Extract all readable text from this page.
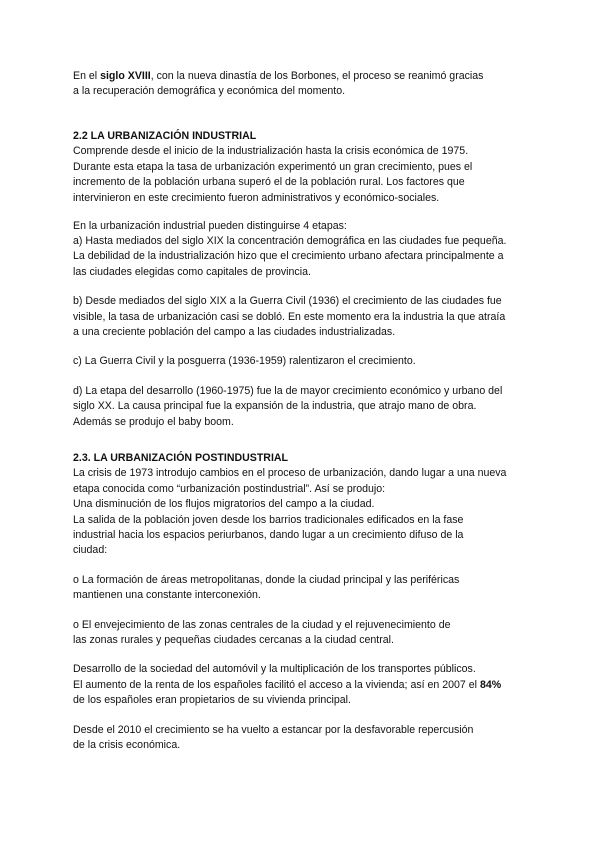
En el siglo XVIII, con la nueva dinastía de los Borbones, el proceso se reanimó gracias
a la recuperación demográfica y económica del momento.
2.2 LA URBANIZACIÓN INDUSTRIAL
Comprende desde el inicio de la industrialización hasta la crisis económica de 1975.
Durante esta etapa la tasa de urbanización experimentó un gran crecimiento, pues el
incremento de la población urbana superó el de la población rural. Los factores que
intervinieron en este crecimiento fueron administrativos y económico-sociales.
En la urbanización industrial pueden distinguirse 4 etapas:
a) Hasta mediados del siglo XIX la concentración demográfica en las ciudades fue pequeña.
La debilidad de la industrialización hizo que el crecimiento urbano afectara principalmente a
las ciudades elegidas como capitales de provincia.
b) Desde mediados del siglo XIX a la Guerra Civil (1936) el crecimiento de las ciudades fue
visible, la tasa de urbanización casi se dobló. En este momento era la industria la que atraía
a una creciente población del campo a las ciudades industrializadas.
c) La Guerra Civil y la posguerra (1936-1959) ralentizaron el crecimiento.
d) La etapa del desarrollo (1960-1975) fue la de mayor crecimiento económico y urbano del
siglo XX. La causa principal fue la expansión de la industria, que atrajo mano de obra.
Además se produjo el baby boom.
2.3. LA URBANIZACIÓN POSTINDUSTRIAL
La crisis de 1973 introdujo cambios en el proceso de urbanización, dando lugar a una nueva
etapa conocida como “urbanización postindustrial”. Así se produjo:
Una disminución de los flujos migratorios del campo a la ciudad.
La salida de la población joven desde los barrios tradicionales edificados en la fase
industrial hacia los espacios periurbanos, dando lugar a un crecimiento difuso de la
ciudad:
o La formación de áreas metropolitanas, donde la ciudad principal y las periféricas
mantienen una constante interconexión.
o El envejecimiento de las zonas centrales de la ciudad y el rejuvenecimiento de
las zonas rurales y pequeñas ciudades cercanas a la ciudad central.
Desarrollo de la sociedad del automóvil y la multiplicación de los transportes públicos.
El aumento de la renta de los españoles facilitó el acceso a la vivienda; así en 2007 el 84%
de los españoles eran propietarios de su vivienda principal.
Desde el 2010 el crecimiento se ha vuelto a estancar por la desfavorable repercusión
de la crisis económica.
